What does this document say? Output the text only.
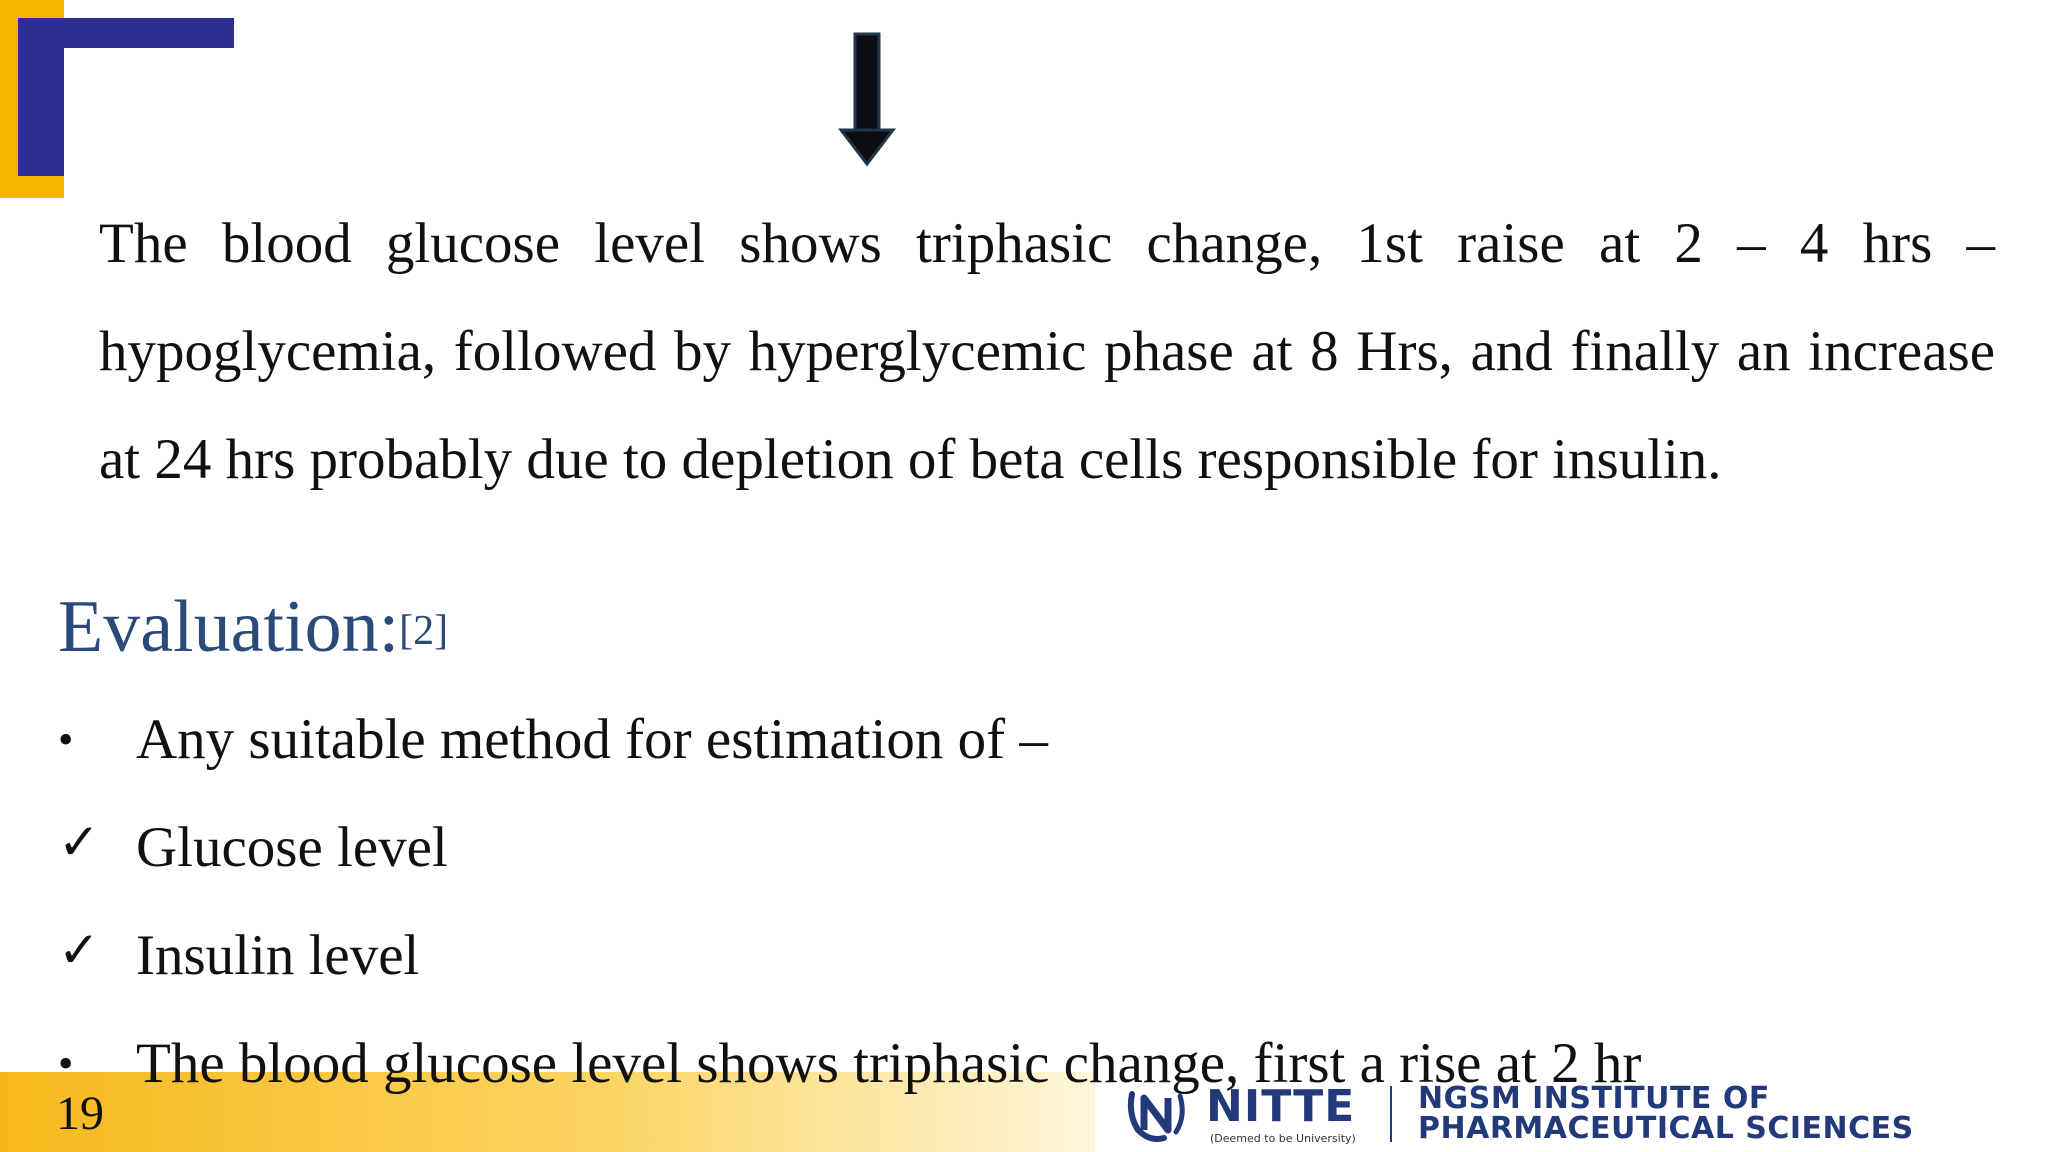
The blood glucose level shows triphasic change, 1st raise at 2 – 4 hrs – hypoglycemia, followed by hyperglycemic phase at 8 Hrs, and finally an increase at 24 hrs probably due to depletion of beta cells responsible for insulin.

Evaluation:[2]
•	Any suitable method for estimation of –
✓ Glucose level
✓ Insulin level
19
•	The blood glucose level shows triphasic change, first a rise at 2 hr
NITTE
(Deemed to be University)
NGSM INSTITUTE OF
PHARMACEUTICAL SCIENCES
